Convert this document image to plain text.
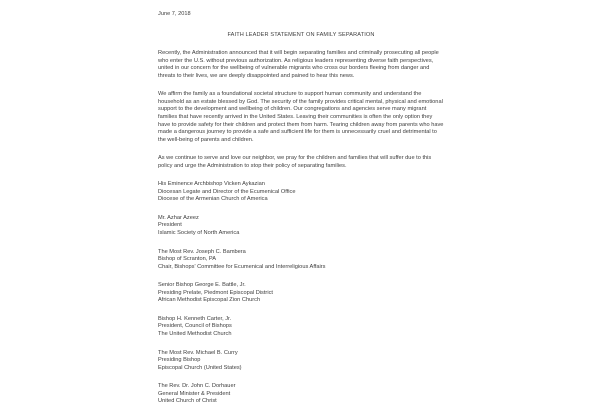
June 7, 2018
FAITH LEADER STATEMENT ON FAMILY SEPARATION
Recently, the Administration announced that it will begin separating families and criminally prosecuting all people who enter the U.S. without previous authorization. As religious leaders representing diverse faith perspectives, united in our concern for the wellbeing of vulnerable migrants who cross our borders fleeing from danger and threats to their lives, we are deeply disappointed and pained to hear this news.
We affirm the family as a foundational societal structure to support human community and understand the household as an estate blessed by God. The security of the family provides critical mental, physical and emotional support to the development and wellbeing of children. Our congregations and agencies serve many migrant families that have recently arrived in the United States. Leaving their communities is often the only option they have to provide safety for their children and protect them from harm. Tearing children away from parents who have made a dangerous journey to provide a safe and sufficient life for them is unnecessarily cruel and detrimental to the well-being of parents and children.
As we continue to serve and love our neighbor, we pray for the children and families that will suffer due to this policy and urge the Administration to stop their policy of separating families.
His Eminence Archbishop Vicken Aykazian
Diocesan Legate and Director of the Ecumenical Office
Diocese of the Armenian Church of America
Mr. Azhar Azeez
President
Islamic Society of North America
The Most Rev. Joseph C. Bambera
Bishop of Scranton, PA
Chair, Bishops' Committee for Ecumenical and Interreligious Affairs
Senior Bishop George E. Battle, Jr.
Presiding Prelate, Piedmont Episcopal District
African Methodist Episcopal Zion Church
Bishop H. Kenneth Carter, Jr.
President, Council of Bishops
The United Methodist Church
The Most Rev. Michael B. Curry
Presiding Bishop
Episcopal Church (United States)
The Rev. Dr. John C. Dorhauer
General Minister & President
United Church of Christ
